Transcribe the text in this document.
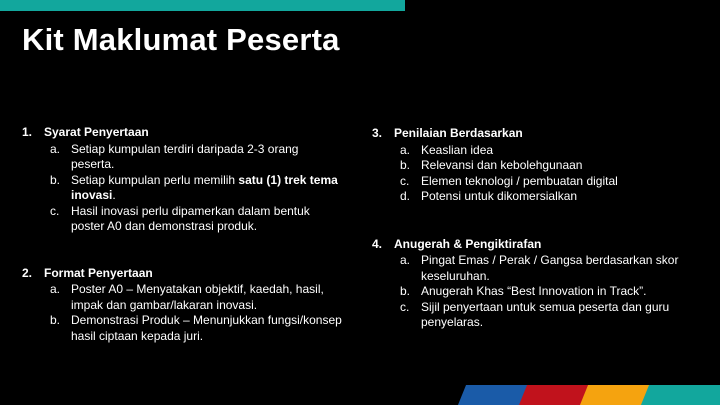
Kit Maklumat Peserta
1. Syarat Penyertaan
a. Setiap kumpulan terdiri daripada 2-3 orang peserta.
b. Setiap kumpulan perlu memilih satu (1) trek tema inovasi.
c. Hasil inovasi perlu dipamerkan dalam bentuk poster A0 dan demonstrasi produk.
2. Format Penyertaan
a. Poster A0 – Menyatakan objektif, kaedah, hasil, impak dan gambar/lakaran inovasi.
b. Demonstrasi Produk – Menunjukkan fungsi/konsep hasil ciptaan kepada juri.
3. Penilaian Berdasarkan
a. Keaslian idea
b. Relevansi dan kebolehgunaan
c. Elemen teknologi / pembuatan digital
d. Potensi untuk dikomersialkan
4. Anugerah & Pengiktirafan
a. Pingat Emas / Perak / Gangsa berdasarkan skor keseluruhan.
b. Anugerah Khas “Best Innovation in Track”.
c. Sijil penyertaan untuk semua peserta dan guru penyelaras.
